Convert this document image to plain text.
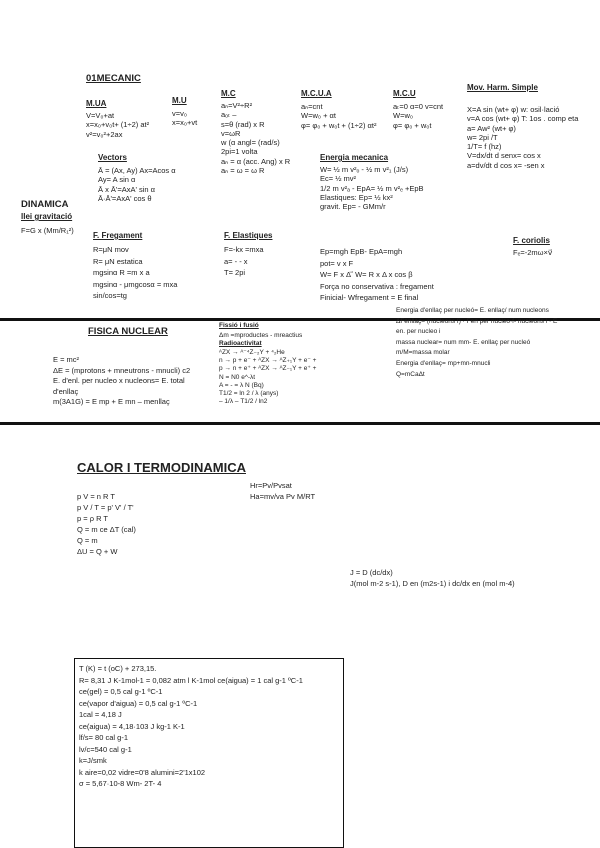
01MECANIC
M.UA
V=V₀+at
x=x₀+v₀t+ (1÷2) at²
v²=v₀²+2ax
M.U
v=v₀
x=x₀+vt
M.C
aₙ=V²÷R²
aₒₜ –
s=θ (rad) x R
v=ωR
w (α angl= (rad/s)
2pi=1 volta
aₙ = α (acc. Ang) x R
aₙ = ω = ω R
M.C.U.A
aₙ=cnt
W=w₀ + αt
φ= φ₀ + w₀t + (1÷2) αt²
M.C.U
aₜ=0 α=0 v=cnt
W=w₀
φ= φ₀ + w₀t
Mov. Harm. Simple
X=A sin (wt+ φ) w: osil·lació
v=A cos (wt+ φ) T: 1os . comp eta
a= Aw² (wt+ φ)
w= 2pi /T
1/T= f (hz)
V=dx/dt d senx= cos x
a=dv/dt d cos x= -sen x
Vectors
Ā = (Ax, Ay) Ax=Acos α
Ay= A sin α
Ā x Ā'=AxA' sin α
Ā·Ā'=AxA' cos θ
Energia mecanica
W= ½ m v²ₒ - ½ m v²₁ (J/s)
Ec= ½ mv²
1/2 m v²ₐ - EpA= ½ m v²ₑ +EpB
Elastiques: Ep= ½ kx²
gravit. Ep= - GMm/r
DINAMICA
llei gravitació
F=G x (Mm/R₁²)
F. Fregament
R=μN mov
R= μN estatica
mgsinα R =m x a
mgsinα - μmgcosα = mxa
sin/cos=tg
F. Elastiques
F=-kx =mxa
a= - - x
T= 2pi
Ep=mgh EpB- EpA=mgh
pot= v x F
W= F x Δ ⃗ W= R x Δ x cos β
Força no conservativa : fregament
Finicial- Wfregament = E final
F. coriolis
Fₑ=-2mω×v⃗
FISICA NUCLEAR
E = mc²
ΔE = (mprotons + mneutrons - mnucli) c2
E. d'enl. per nucleo x nucleons= E. total
d'enllaç
m(3A1G) = E mp + E mn – menllaç
Fissió i fusió
Δm =mproductes - mreactius
Radioactivitat
ᴬZX → ᴬ⁻⁴Z₋₂Y + ⁴₂He
n → p + e⁻ + ᴬZX → ᴬZ₊₁Y + e⁻ +
p → n + e⁺ + ᴬZX → ᴬZ₋₁Y + e⁺ +
N = N0 e^-λt
A = - = λ N (Bq)
T1/2 = ln 2 / λ (anys)
– 1/λ – T1/2 / ln2
Energia d'enllaç per nucleó= E. enllaç/ num nucleons
ΔFenllaç= (nucleons f) · Fen per nucleo·f- nucleons i · E
en. per nucleo i
massa nuclear= num mm- E. enllaç per nucleó
m/M=massa molar
Energia d'enllaç= mp+mn-mnucli
Q=mCaΔt
CALOR I TERMODINAMICA
p V = n R T
p V / T = p' V' / T'
p = ρ R T
Q = m ce ΔT (cal)
Q = m
ΔU = Q + W
Hr=Pv/Pvsat
Ha=mv/va Pv M/RT
J = D (dc/dx)
J(mol m-2 s-1), D en (m2s-1) i dc/dx en (mol m-4)
T (K) = t (oC) + 273,15.
R= 8,31 J K-1mol-1 = 0,082 atm l K-1mol ce(aigua) = 1 cal g-1 ºC-1
ce(gel) = 0,5 cal g-1 ºC-1
ce(vapor d'aigua) = 0,5 cal g-1 ºC-1
1cal = 4,18 J
ce(aigua) = 4,18·103 J kg-1 K-1
lf/s= 80 cal g-1
lv/c=540 cal g-1
k=J/smk
k aire=0,02 vidre=0'8 alumini=2'1x102
σ = 5,67·10-8 Wm- 2T- 4
